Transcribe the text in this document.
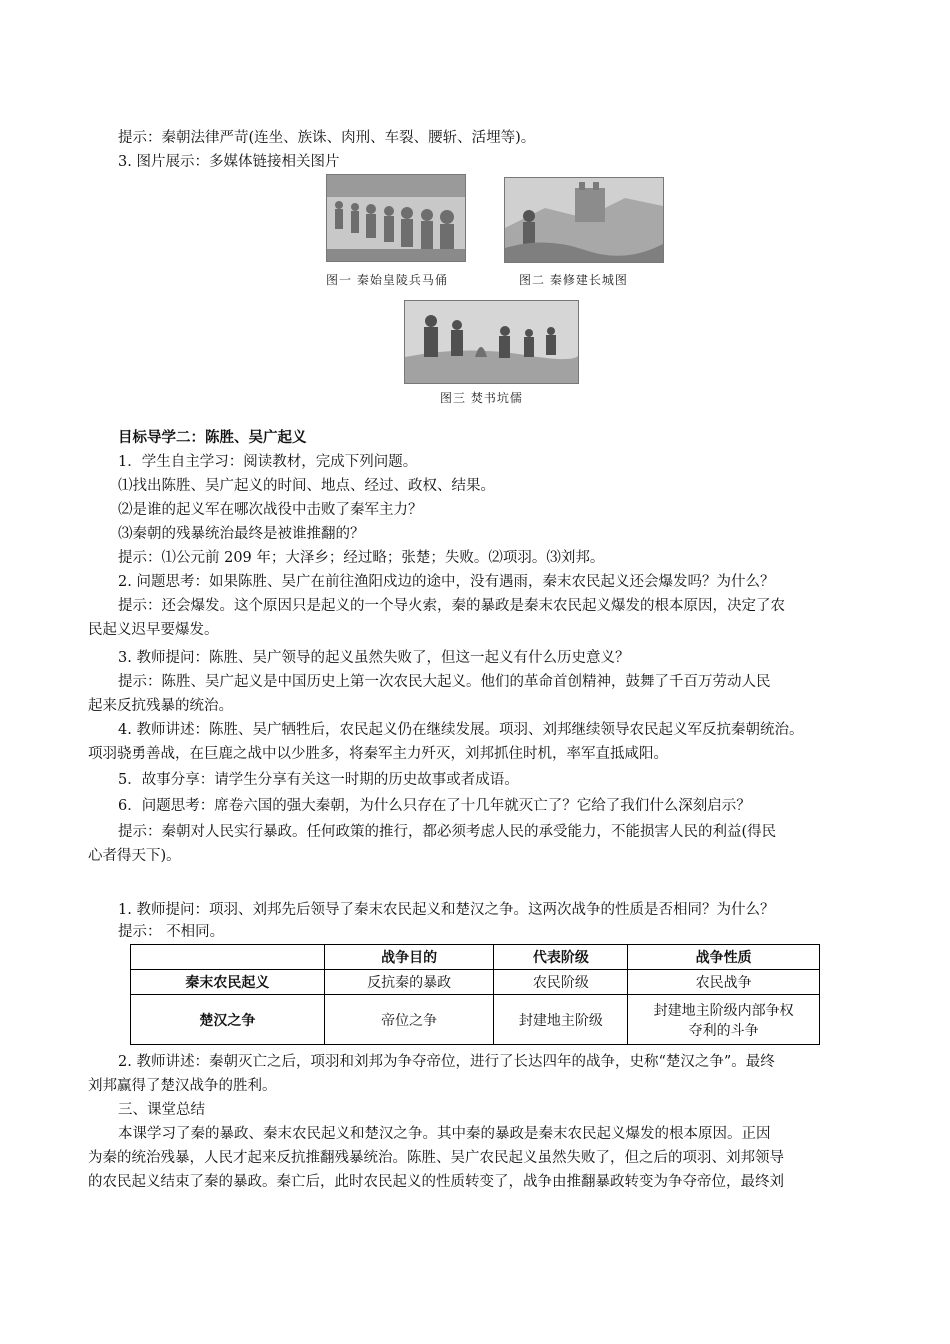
提示：秦朝法律严苛(连坐、族诛、肉刑、车裂、腰斩、活埋等)。
3. 图片展示：多媒体链接相关图片
图一 秦始皇陵兵马俑	图二 秦修建长城图
图三 焚书坑儒
目标导学二：陈胜、吴广起义
1．学生自主学习：阅读教材，完成下列问题。
⑴找出陈胜、吴广起义的时间、地点、经过、政权、结果。
⑵是谁的起义军在哪次战役中击败了秦军主力？
⑶秦朝的残暴统治最终是被谁推翻的？
提示：⑴公元前 209 年；大泽乡；经过略；张楚；失败。⑵项羽。⑶刘邦。
2. 问题思考：如果陈胜、吴广在前往渔阳戍边的途中，没有遇雨，秦末农民起义还会爆发吗？为什么？
提示：还会爆发。这个原因只是起义的一个导火索，秦的暴政是秦末农民起义爆发的根本原因，决定了农
民起义迟早要爆发。
3. 教师提问：陈胜、吴广领导的起义虽然失败了，但这一起义有什么历史意义？
提示：陈胜、吴广起义是中国历史上第一次农民大起义。他们的革命首创精神，鼓舞了千百万劳动人民
起来反抗残暴的统治。
4. 教师讲述：陈胜、吴广牺牲后，农民起义仍在继续发展。项羽、刘邦继续领导农民起义军反抗秦朝统治。
项羽骁勇善战，在巨鹿之战中以少胜多，将秦军主力歼灭，刘邦抓住时机，率军直抵咸阳。
5．故事分享：请学生分享有关这一时期的历史故事或者成语。
6．问题思考：席卷六国的强大秦朝，为什么只存在了十几年就灭亡了？它给了我们什么深刻启示？
提示：秦朝对人民实行暴政。任何政策的推行，都必须考虑人民的承受能力，不能损害人民的利益(得民
心者得天下)。
1. 教师提问：项羽、刘邦先后领导了秦末农民起义和楚汉之争。这两次战争的性质是否相同？为什么？
提示： 不相同。
	战争目的	代表阶级	战争性质
秦末农民起义	反抗秦的暴政	农民阶级	农民战争
楚汉之争	帝位之争	封建地主阶级	封建地主阶级内部争权
夺利的斗争
2. 教师讲述：秦朝灭亡之后，项羽和刘邦为争夺帝位，进行了长达四年的战争，史称“楚汉之争”。最终
刘邦赢得了楚汉战争的胜利。
三、课堂总结
本课学习了秦的暴政、秦末农民起义和楚汉之争。其中秦的暴政是秦末农民起义爆发的根本原因。正因
为秦的统治残暴，人民才起来反抗推翻残暴统治。陈胜、吴广农民起义虽然失败了，但之后的项羽、刘邦领导
的农民起义结束了秦的暴政。秦亡后，此时农民起义的性质转变了，战争由推翻暴政转变为争夺帝位，最终刘
